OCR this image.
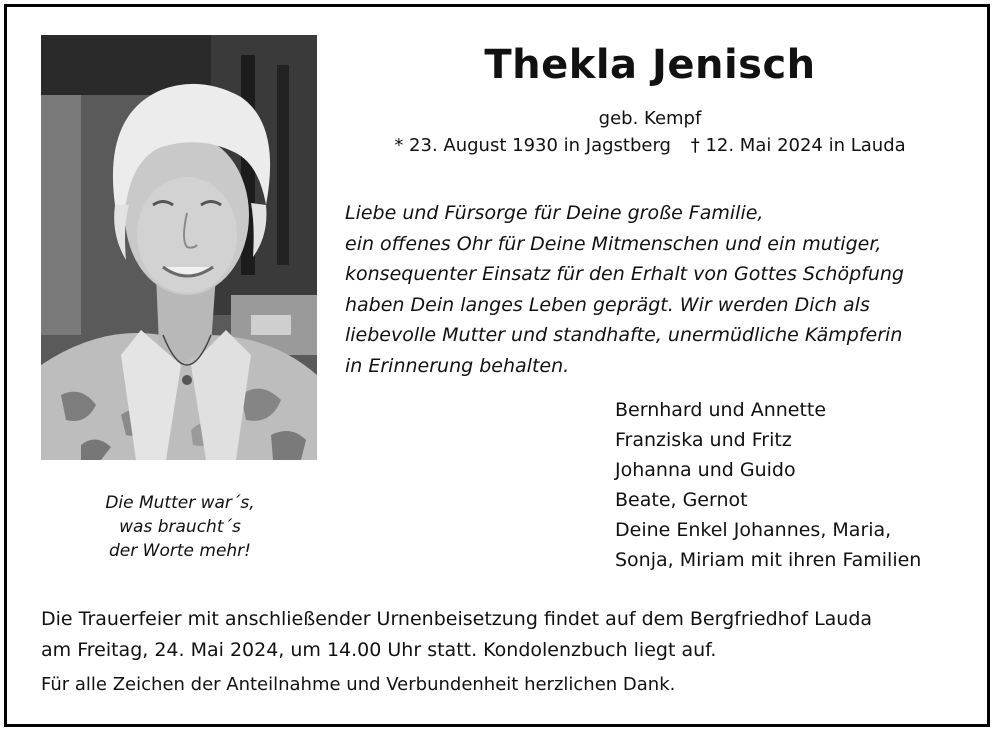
Die Mutter war´s,
was braucht´s
der Worte mehr!
Thekla Jenisch
geb. Kempf
* 23. August 1930 in Jagstberg † 12. Mai 2024 in Lauda
Liebe und Fürsorge für Deine große Familie,
ein offenes Ohr für Deine Mitmenschen und ein mutiger,
konsequenter Einsatz für den Erhalt von Gottes Schöpfung
haben Dein langes Leben geprägt. Wir werden Dich als
liebevolle Mutter und standhafte, unermüdliche Kämpferin
in Erinnerung behalten.
Bernhard und Annette
Franziska und Fritz
Johanna und Guido
Beate, Gernot
Deine Enkel Johannes, Maria,
Sonja, Miriam mit ihren Familien
Die Trauerfeier mit anschließender Urnenbeisetzung findet auf dem Bergfriedhof Lauda
am Freitag, 24. Mai 2024, um 14.00 Uhr statt. Kondolenzbuch liegt auf.
Für alle Zeichen der Anteilnahme und Verbundenheit herzlichen Dank.
